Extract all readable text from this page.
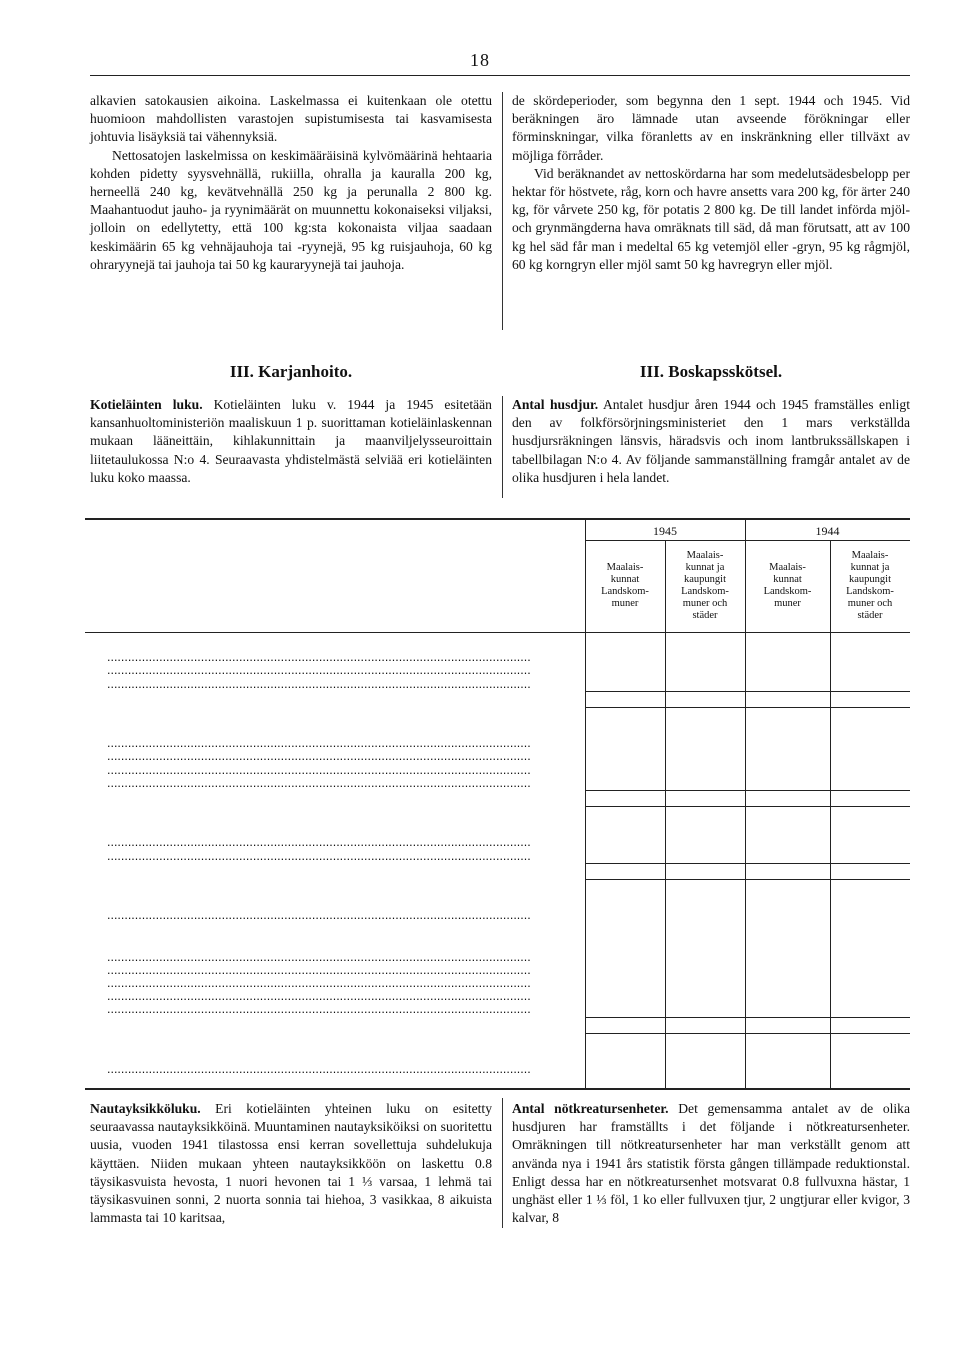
18

alkavien satokausien aikoina. Laskelmassa ei kuitenkaan ole otettu huomioon mahdollisten varastojen supistumisesta tai kasvamisesta johtuvia lisäyksiä tai vähennyksiä.

Nettosatojen laskelmissa on keskimääräisinä kylvömäärinä hehtaaria kohden pidetty syysvehnällä, rukiilla, ohralla ja kauralla 200 kg, herneellä 240 kg, kevätvehnällä 250 kg ja perunalla 2 800 kg. Maahantuodut jauho- ja ryynimäärät on muunnettu kokonaiseksi viljaksi, jolloin on edellytetty, että 100 kg:sta kokonaista viljaa saadaan keskimäärin 65 kg vehnäjauhoja tai -ryynejä, 95 kg ruisjauhoja, 60 kg ohraryynejä tai jauhoja tai 50 kg kauraryynejä tai jauhoja.

de skördeperioder, som begynna den 1 sept. 1944 och 1945. Vid beräkningen äro lämnade utan avseende förökningar eller förminskningar, vilka föranletts av en inskränkning eller tillväxt av möjliga förråder.

Vid beräknandet av nettoskördarna har som medelutsädesbelopp per hektar för höstvete, råg, korn och havre ansetts vara 200 kg, för ärter 240 kg, för vårvete 250 kg, för potatis 2 800 kg. De till landet införda mjöl- och grynmängderna hava omräknats till säd, då man förutsatt, att av 100 kg hel säd får man i medeltal 65 kg vetemjöl eller -gryn, 95 kg rågmjöl, 60 kg korngryn eller mjöl samt 50 kg havregryn eller mjöl.

III. Karjanhoito.	III. Boskapsskötsel.

Kotieläinten luku. Kotieläinten luku v. 1944 ja 1945 esitetään kansanhuoltoministeriön maaliskuun 1 p. suorittaman kotieläinlaskennan mukaan lääneittäin, kihlakunnittain ja maanviljelysseuroittain liitetaulukossa N:o 4. Seuraavasta yhdistelmästä selviää eri kotieläinten luku koko maassa.

Antal husdjur. Antalet husdjur åren 1944 och 1945 framställes enligt den av folkförsörjningsministeriet den 1 mars verkställda husdjursräkningen länsvis, häradsvis och inom lantbrukssällskapen i tabellbilagan N:o 4. Av följande sammanställning framgår antalet av de olika husdjuren i hela landet.

1945	1944
Maalais-
kunnat
Landskom-
muner
Maalais-
kunnat ja
kaupungit
Landskom-
muner och
städer
Maalais-
kunnat
Landskom-
muner
Maalais-
kunnat ja
kaupungit
Landskom-
muner och
städer
.....
.....
.....
.....
.....
.....
.....
.....
.....
.....
.....
.....
.....
.....
.....
.....

Nautayksikköluku. Eri kotieläinten yhteinen luku on esitetty seuraavassa nautayksikköinä. Muuntaminen nautayksiköiksi on suoritettu uusia, vuoden 1941 tilastossa ensi kerran sovellettuja suhdelukuja käyttäen. Niiden mukaan yhteen nautayksikköön on laskettu 0.8 täysikasvuista hevosta, 1 nuori hevonen tai 1 ⅓ varsaa, 1 lehmä tai täysikasvuinen sonni, 2 nuorta sonnia tai hiehoa, 3 vasikkaa, 8 aikuista lammasta tai 10 karitsaa,

Antal nötkreatursenheter. Det gemensamma antalet av de olika husdjuren har framställts i det följande i nötkreatursenheter. Omräkningen till nötkreatursenheter har man verkställt genom att använda nya i 1941 års statistik första gången tillämpade reduktionstal. Enligt dessa har en nötkreatursenhet motsvarat 0.8 fullvuxna hästar, 1 unghäst eller 1 ⅓ föl, 1 ko eller fullvuxen tjur, 2 ungtjurar eller kvigor, 3 kalvar, 8
